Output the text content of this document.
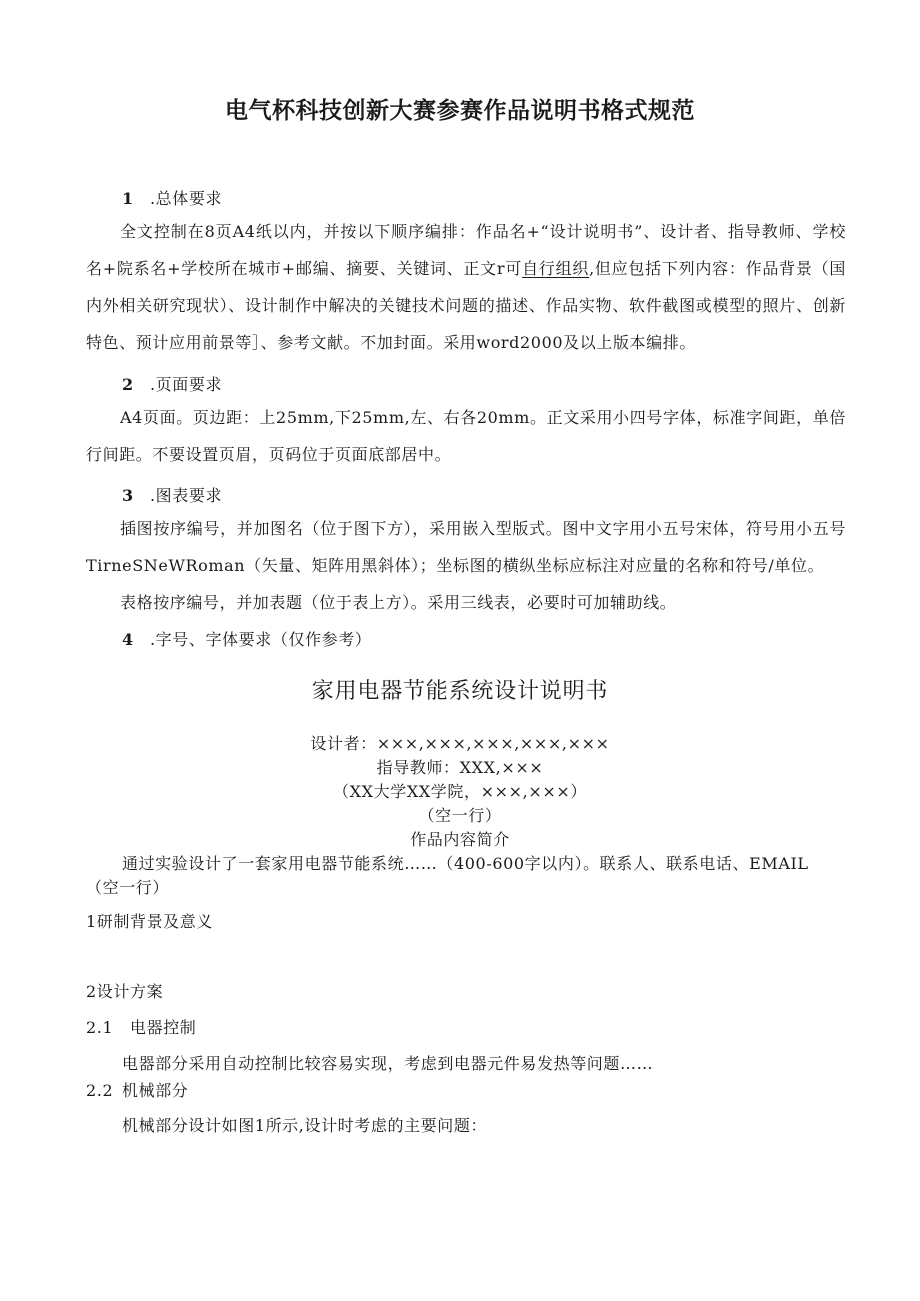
电气杯科技创新大赛参赛作品说明书格式规范
1 .总体要求
全文控制在8页A4纸以内，并按以下顺序编排：作品名+“设计说明书”、设计者、指导教师、学校名+院系名+学校所在城市+邮编、摘要、关键词、正文r可自行组织,但应包括下列内容：作品背景（国内外相关研究现状）、设计制作中解决的关键技术问题的描述、作品实物、软件截图或模型的照片、创新特色、预计应用前景等］、参考文献。不加封面。采用word2000及以上版本编排。
2 .页面要求
A4页面。页边距：上25mm,下25mm,左、右各20mm。正文采用小四号字体，标准字间距，单倍行间距。不要设置页眉，页码位于页面底部居中。
3 .图表要求
插图按序编号，并加图名（位于图下方），采用嵌入型版式。图中文字用小五号宋体，符号用小五号TirneSNeWRoman（矢量、矩阵用黑斜体）；坐标图的横纵坐标应标注对应量的名称和符号/单位。
表格按序编号，并加表题（位于表上方）。采用三线表，必要时可加辅助线。
4 .字号、字体要求（仅作参考）
家用电器节能系统设计说明书
设计者：×××,×××,×××,×××,×××
指导教师：XXX,×××
（XX大学XX学院，×××,×××）
（空一行）
作品内容简介
通过实验设计了一套家用电器节能系统……（400-600字以内）。联系人、联系电话、EMAIL
（空一行）
1研制背景及意义
2设计方案
2.1 电器控制
电器部分采用自动控制比较容易实现，考虑到电器元件易发热等问题……
2.2 机械部分
机械部分设计如图1所示,设计时考虑的主要问题：
